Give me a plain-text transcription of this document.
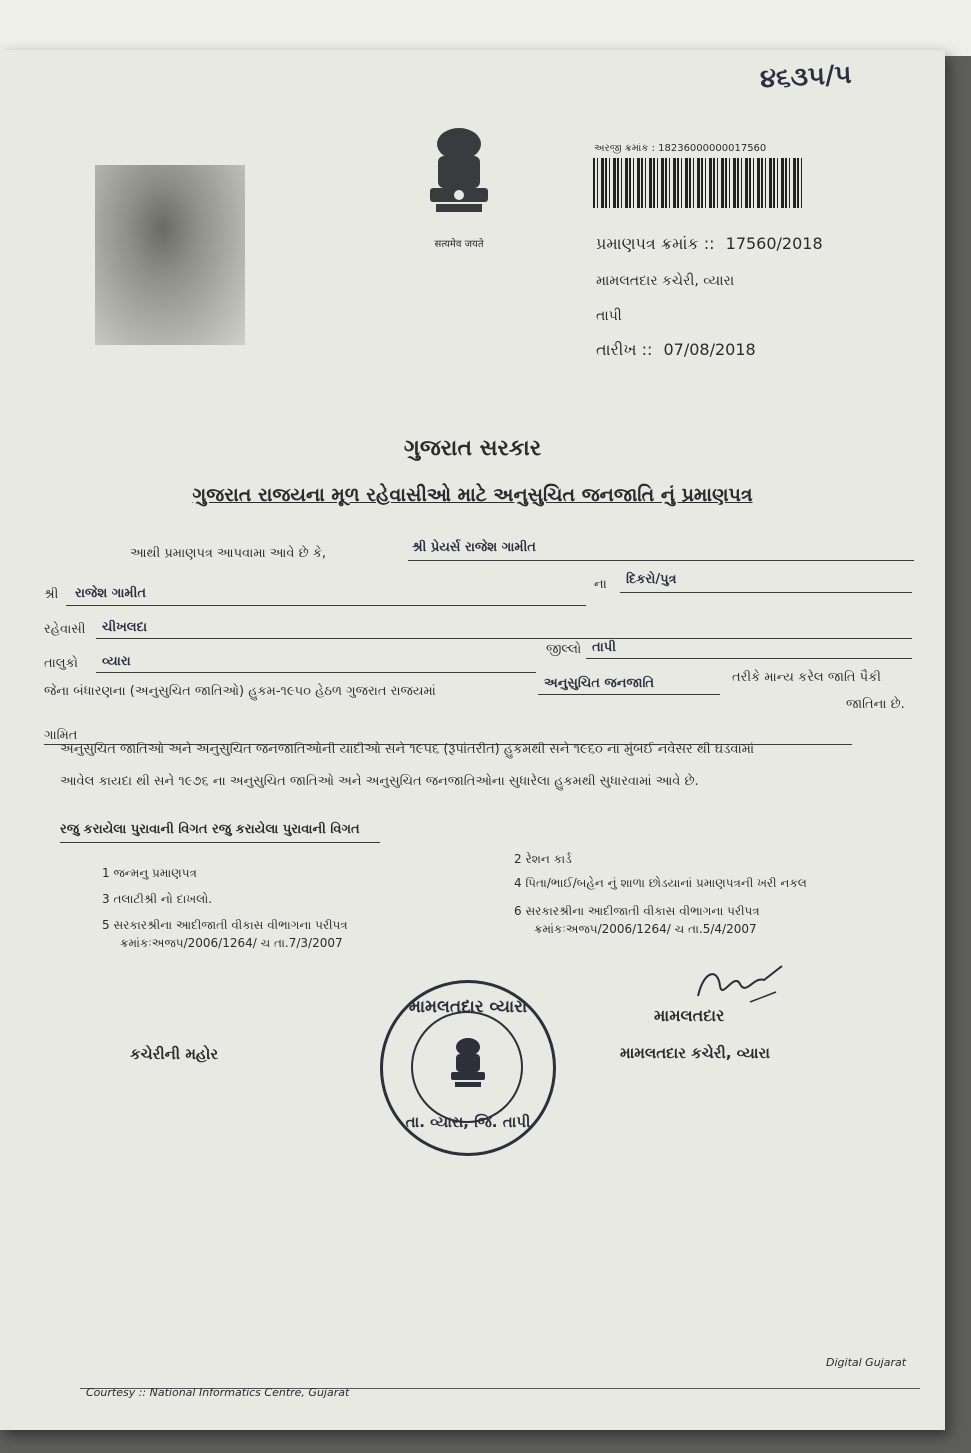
૪૬૩૫/૫
सत्यमेव जयते
અરજી ક્રમાંક : 18236000000017560
પ્રમાણપત્ર ક્રમાંક :: 17560/2018
મામલતદાર કચેરી, વ્યારા
તાપી
તારીખ :: 07/08/2018
ગુજરાત સરકાર
ગુજરાત રાજયના મૂળ રહેવાસીઓ માટે અનુસુચિત જનજાતિ નું પ્રમાણપત્ર
આથી પ્રમાણપત્ર આપવામા આવે છે કે,	શ્રી પ્રેયર્સ રાજેશ ગામીત
શ્રી રાજેશ ગામીત
ના દિકરો/પુત્ર
રહેવાસી ચીખલદા
તાલુકો વ્યારા
જીલ્લો તાપી
જેના બંધારણના (અનુસુચિત જાતિઓ) હુકમ-૧૯૫૦ હેઠળ ગુજરાત રાજયમાં
અનુસુચિત જનજાતિ	તરીકે માન્ય કરેલ જાતિ પૈકી
જાતિના છે.
ગામિત
અનુસુચિત જાતિઓ અને અનુસુચિત જનજાતિઓની યાદીઓ સને ૧૯૫૬ (રૂપાંતરીત) હુકમથી સને ૧૯૬૦ ના મુંબઈ નવેસર થી ઘડવામાં
આવેલ કાયદા થી સને ૧૯૭૬ ના અનુસુચિત જાતિઓ અને અનુસુચિત જનજાતિઓના સુધારેલા હુકમથી સુધારવામાં આવે છે.
રજુ કરાયેલા પુરાવાની વિગત રજુ કરાયેલા પુરાવાની વિગત
1 જન્મનુ પ્રમાણપત્ર
2 રેશન કાર્ડ
3 તલાટીશ્રી નો દાખલો.
4 પિતા/ભાઈ/બહેન નું શાળા છોડયાનાં પ્રમાણપત્રની ખરી નકલ
5 સરકારશ્રીના આદીજાતી વીકાસ વીભાગના પરીપત્ર
ક્રમાંકઃઅજપ/2006/1264/ ચ તા.7/3/2007
6 સરકારશ્રીના આદીજાતી વીકાસ વીભાગના પરીપત્ર
ક્રમાંકઃઅજપ/2006/1264/ ચ તા.5/4/2007
કચેરીની મહોર
મામલતદાર વ્યારા
તા. વ્યારા, જિ. તાપી
મામલતદાર
મામલતદાર કચેરી, વ્યારા
Digital Gujarat
Courtesy :: National Informatics Centre, Gujarat
